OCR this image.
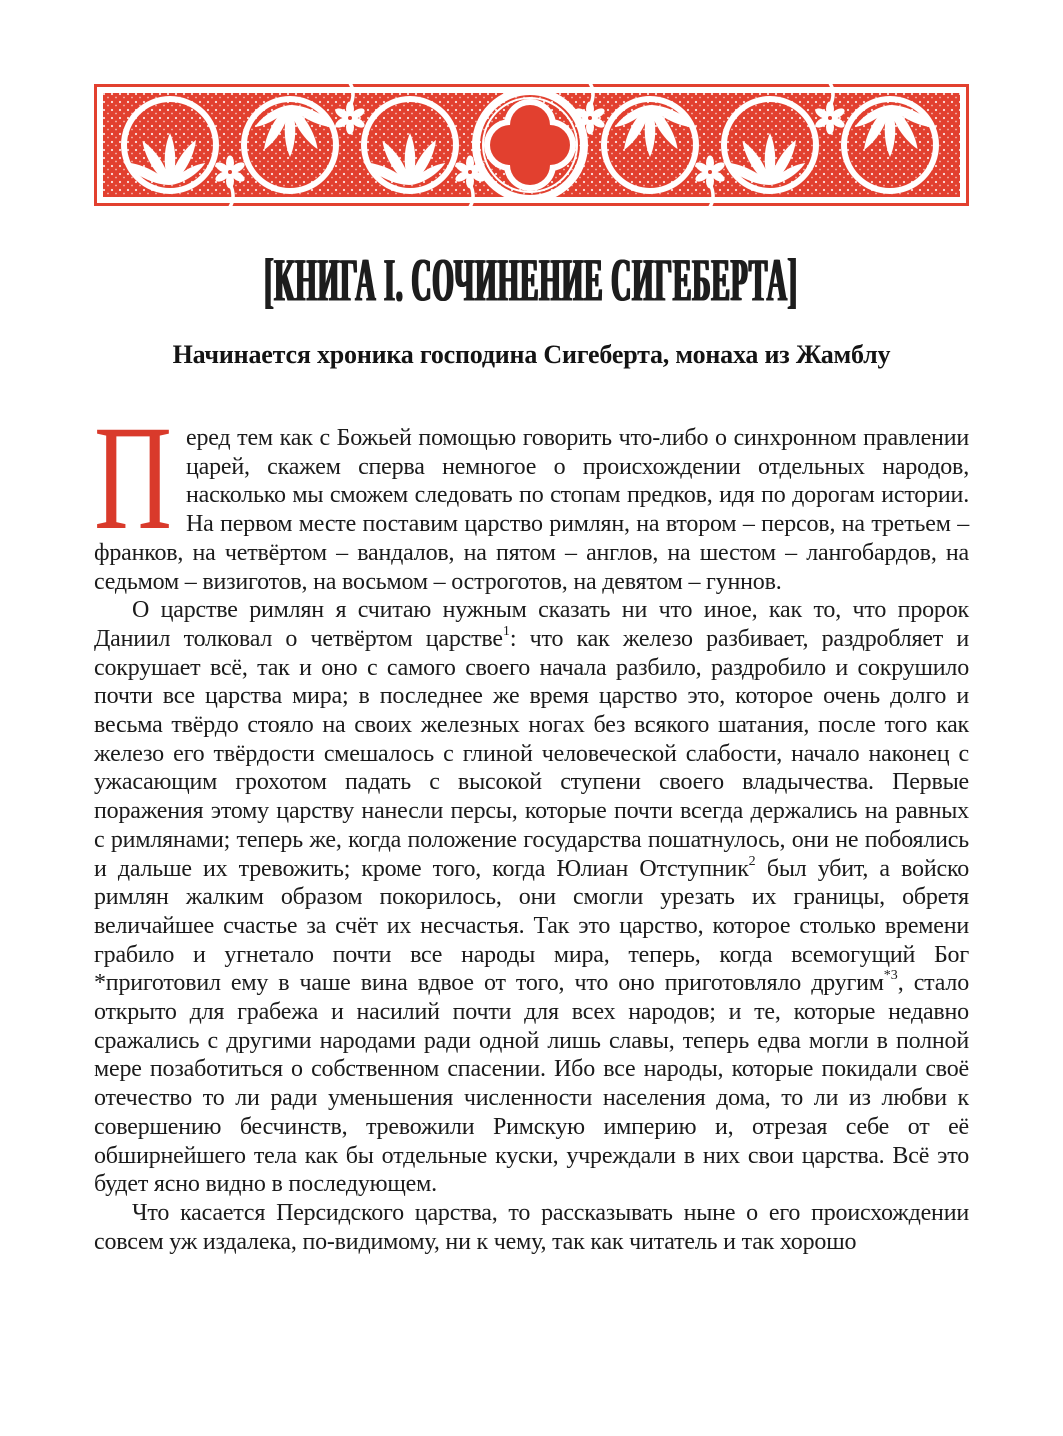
[КНИГА I. СОЧИНЕНИЕ СИГЕБЕРТА]
Начинается хроника господина Сигеберта, монаха из Жамблу

Перед тем как с Божьей помощью говорить что-либо о синхронном правлении царей, скажем сперва немногое о происхождении отдельных народов, насколько мы сможем следовать по стопам предков, идя по дорогам истории. На первом месте поставим царство римлян, на втором – персов, на третьем – франков, на четвёртом – вандалов, на пятом – англов, на шестом – лангобардов, на седьмом – визиготов, на восьмом – остроготов, на девятом – гуннов.

О царстве римлян я считаю нужным сказать ни что иное, как то, что пророк Даниил толковал о четвёртом царстве$^1$: что как железо разбивает, раздробляет и сокрушает всё, так и оно с самого своего начала разбило, раздробило и сокрушило почти все царства мира; в последнее же время царство это, которое очень долго и весьма твёрдо стояло на своих железных ногах без всякого шатания, после того как железо его твёрдости смешалось с глиной человеческой слабости, начало наконец с ужасающим грохотом падать с высокой ступени своего владычества. Первые поражения этому царству нанесли персы, которые почти всегда держались на равных с римлянами; теперь же, когда положение государства пошатнулось, они не побоялись и дальше их тревожить; кроме того, когда Юлиан Отступник$^2$ был убит, а войско римлян жалким образом покорилось, они смогли урезать их границы, обретя величайшее счастье за счёт их несчастья. Так это царство, которое столько времени грабило и угнетало почти все народы мира, теперь, когда всемогущий Бог *приготовил ему в чаше вина вдвое от того, что оно приготовляло другим$^{*3}$, стало открыто для грабежа и насилий почти для всех народов; и те, которые недавно сражались с другими народами ради одной лишь славы, теперь едва могли в полной мере позаботиться о собственном спасении. Ибо все народы, которые покидали своё отечество то ли ради уменьшения численности населения дома, то ли из любви к совершению бесчинств, тревожили Римскую империю и, отрезая себе от её обширнейшего тела как бы отдельные куски, учреждали в них свои царства. Всё это будет ясно видно в последующем.

Что касается Персидского царства, то рассказывать ныне о его происхождении совсем уж издалека, по-видимому, ни к чему, так как читатель и так хорошо
